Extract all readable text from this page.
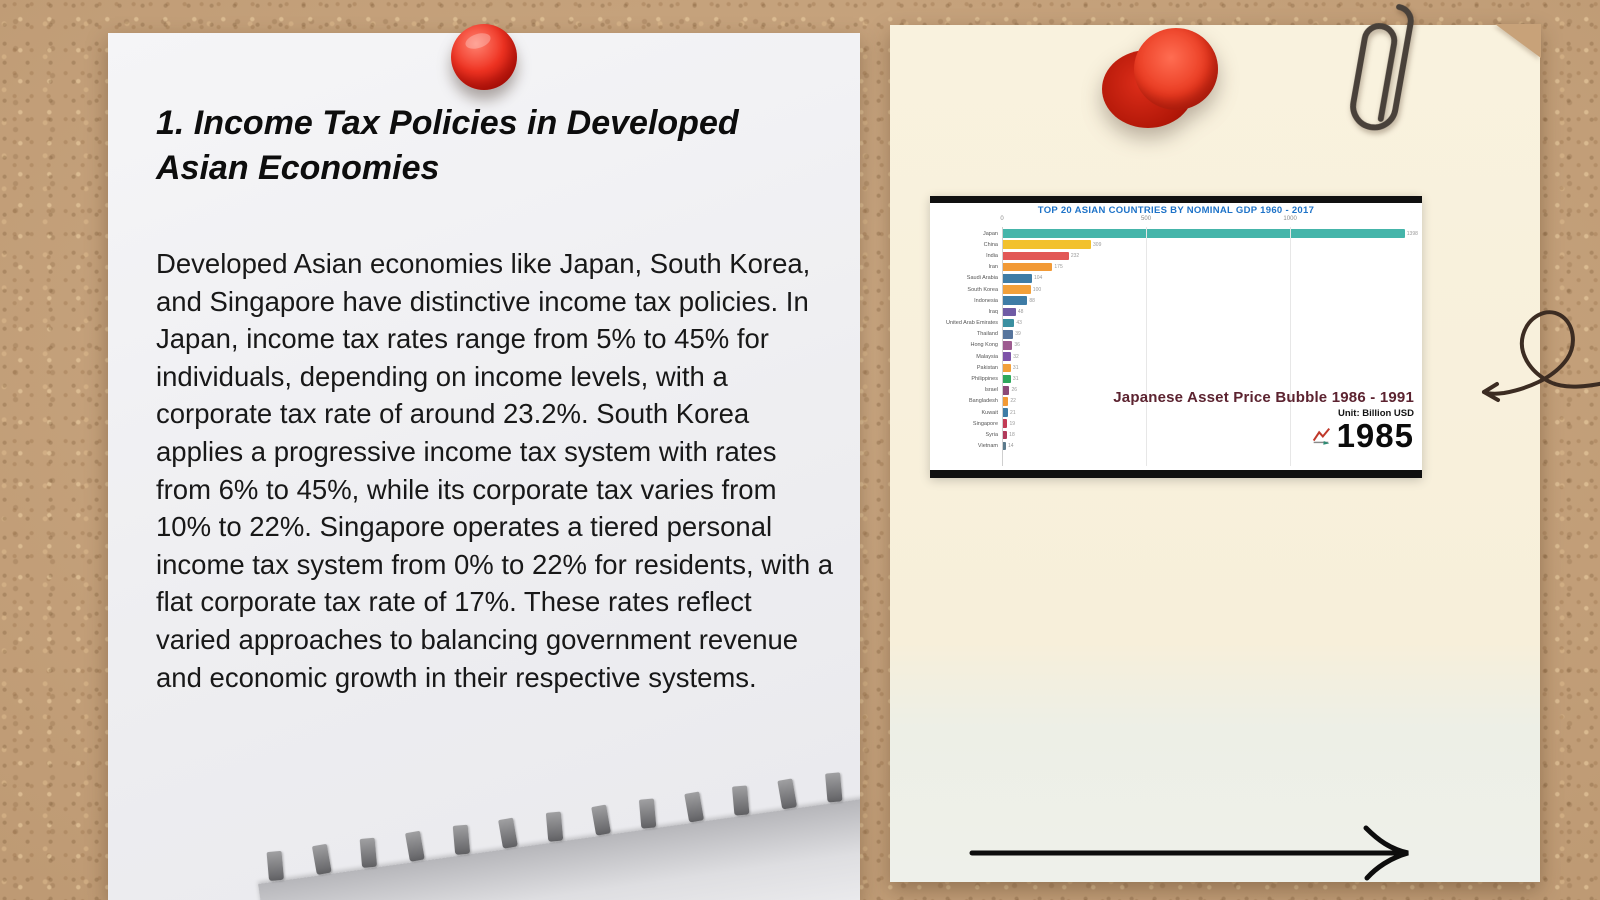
1. Income Tax Policies in Developed Asian Economies
Developed Asian economies like Japan, South Korea, and Singapore have distinctive income tax policies. In Japan, income tax rates range from 5% to 45% for individuals, depending on income levels, with a corporate tax rate of around 23.2%. South Korea applies a progressive income tax system with rates from 6% to 45%, while its corporate tax varies from 10% to 22%. Singapore operates a tiered personal income tax system from 0% to 22% for residents, with a flat corporate tax rate of 17%. These rates reflect varied approaches to balancing government revenue and economic growth in their respective systems.
TOP 20 ASIAN COUNTRIES BY NOMINAL GDP 1960 - 2017
Japan	1398
China	309
India	232
Iran	175
Saudi Arabia	104
South Korea	100
Indonesia	88
Iraq	48
United Arab Emirates	43
Thailand	39
Hong Kong	36
Malaysia	32
Pakistan	31
Philippines	31
Israel	26
Bangladesh	22
Kuwait	21
Singapore	19
Syria	18
Vietnam	14
0	500	1000
Japanese Asset Price Bubble 1986 - 1991
Unit: Billion USD
1985
